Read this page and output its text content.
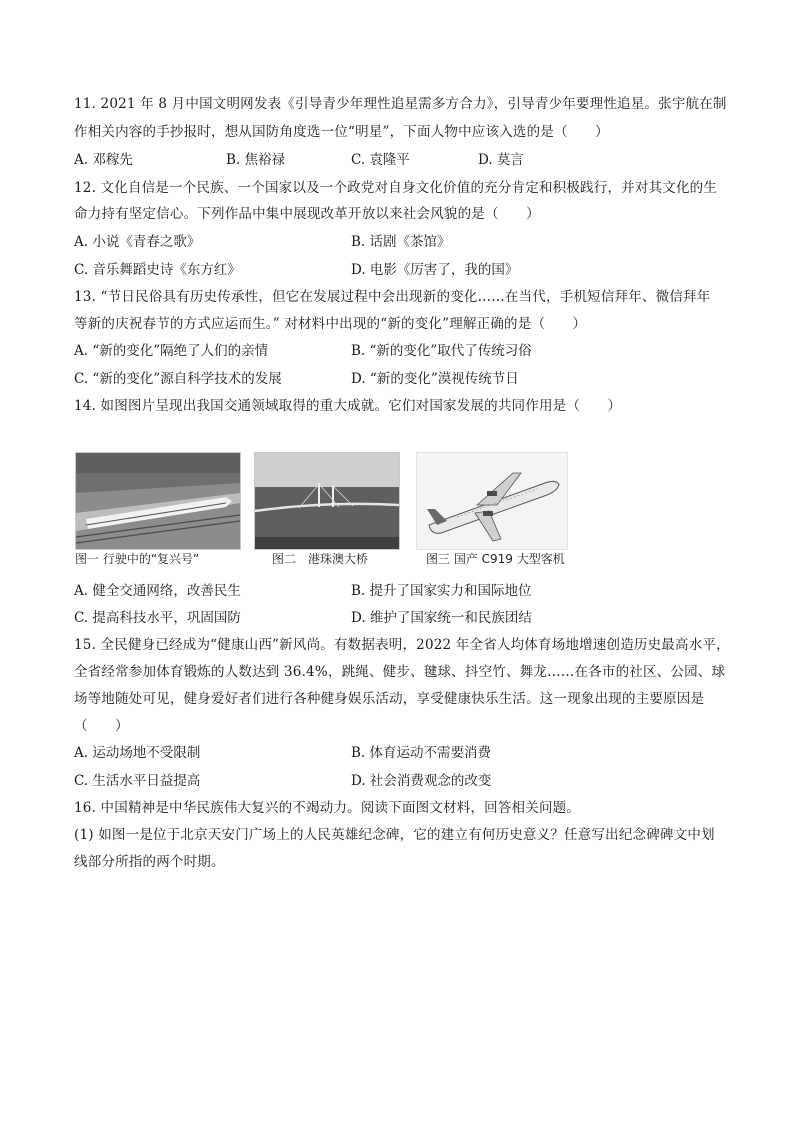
11. 2021 年 8 月中国文明网发表《引导青少年理性追星需多方合力》，引导青少年要理性追星。张宇航在制
作相关内容的手抄报时，想从国防角度选一位“明星”，下面人物中应该入选的是（　　）
A. 邓稼先	B. 焦裕禄	C. 袁隆平	D. 莫言
12. 文化自信是一个民族、一个国家以及一个政党对自身文化价值的充分肯定和积极践行，并对其文化的生
命力持有坚定信心。下列作品中集中展现改革开放以来社会风貌的是（　　）
A. 小说《青春之歌》	B. 话剧《茶馆》
C. 音乐舞蹈史诗《东方红》	D. 电影《厉害了，我的国》
13. “节日民俗具有历史传承性，但它在发展过程中会出现新的变化……在当代，手机短信拜年、微信拜年
等新的庆祝春节的方式应运而生。” 对材料中出现的“新的变化”理解正确的是（　　）
A. “新的变化”隔绝了人们的亲情	B. “新的变化”取代了传统习俗
C. “新的变化”源自科学技术的发展	D. “新的变化”漠视传统节日
14. 如图图片呈现出我国交通领域取得的重大成就。它们对国家发展的共同作用是（　　）
图一 行驶中的“复兴号”	图二　港珠澳大桥	图三 国产 C919 大型客机
A. 健全交通网络，改善民生	B. 提升了国家实力和国际地位
C. 提高科技水平，巩固国防	D. 维护了国家统一和民族团结
15. 全民健身已经成为“健康山西”新风尚。有数据表明，2022 年全省人均体育场地增速创造历史最高水平，
全省经常参加体育锻炼的人数达到 36.4%，跳绳、健步、毽球、抖空竹、舞龙……在各市的社区、公园、球
场等地随处可见，健身爱好者们进行各种健身娱乐活动，享受健康快乐生活。这一现象出现的主要原因是
（　　）
A. 运动场地不受限制	B. 体育运动不需要消费
C. 生活水平日益提高	D. 社会消费观念的改变
16. 中国精神是中华民族伟大复兴的不竭动力。阅读下面图文材料，回答相关问题。
(1) 如图一是位于北京天安门广场上的人民英雄纪念碑，它的建立有何历史意义？任意写出纪念碑碑文中划
线部分所指的两个时期。
